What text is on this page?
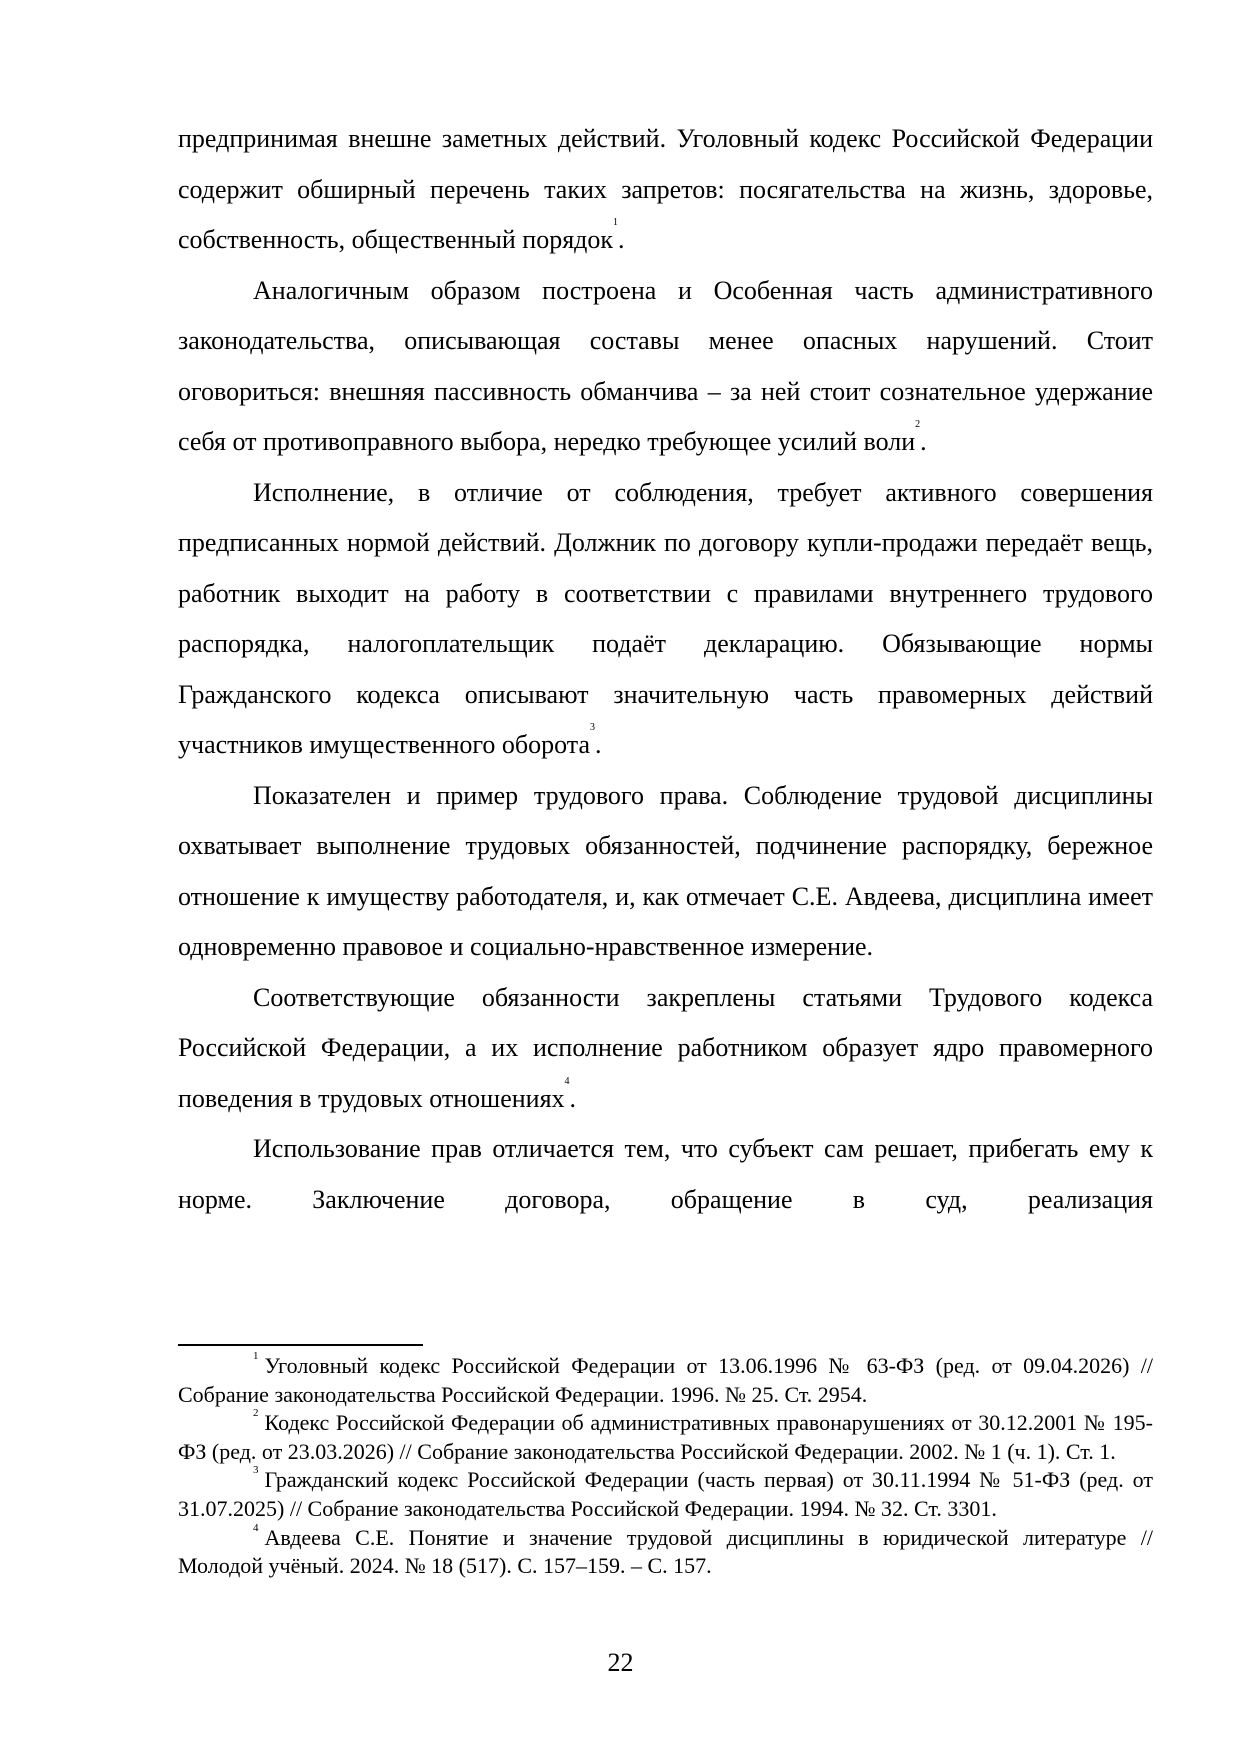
предпринимая внешне заметных действий. Уголовный кодекс Российской Федерации содержит обширный перечень таких запретов: посягательства на жизнь, здоровье, собственность, общественный порядок$^1$.

Аналогичным образом построена и Особенная часть административного законодательства, описывающая составы менее опасных нарушений. Стоит оговориться: внешняя пассивность обманчива – за ней стоит сознательное удержание себя от противоправного выбора, нередко требующее усилий воли$^2$.

Исполнение, в отличие от соблюдения, требует активного совершения предписанных нормой действий. Должник по договору купли-продажи передаёт вещь, работник выходит на работу в соответствии с правилами внутреннего трудового распорядка, налогоплательщик подаёт декларацию. Обязывающие нормы Гражданского кодекса описывают значительную часть правомерных действий участников имущественного оборота$^3$.

Показателен и пример трудового права. Соблюдение трудовой дисциплины охватывает выполнение трудовых обязанностей, подчинение распорядку, бережное отношение к имуществу работодателя, и, как отмечает С.Е. Авдеева, дисциплина имеет одновременно правовое и социально-нравственное измерение.

Соответствующие обязанности закреплены статьями Трудового кодекса Российской Федерации, а их исполнение работником образует ядро правомерного поведения в трудовых отношениях$^4$.

Использование прав отличается тем, что субъект сам решает, прибегать ему к норме. Заключение договора, обращение в суд, реализация

$^1$ Уголовный кодекс Российской Федерации от 13.06.1996 № 63-ФЗ (ред. от 09.04.2026) // Собрание законодательства Российской Федерации. 1996. № 25. Ст. 2954.

$^2$ Кодекс Российской Федерации об административных правонарушениях от 30.12.2001 № 195-ФЗ (ред. от 23.03.2026) // Собрание законодательства Российской Федерации. 2002. № 1 (ч. 1). Ст. 1.

$^3$ Гражданский кодекс Российской Федерации (часть первая) от 30.11.1994 № 51-ФЗ (ред. от 31.07.2025) // Собрание законодательства Российской Федерации. 1994. № 32. Ст. 3301.

$^4$ Авдеева С.Е. Понятие и значение трудовой дисциплины в юридической литературе // Молодой учёный. 2024. № 18 (517). С. 157–159. – С. 157.

22
